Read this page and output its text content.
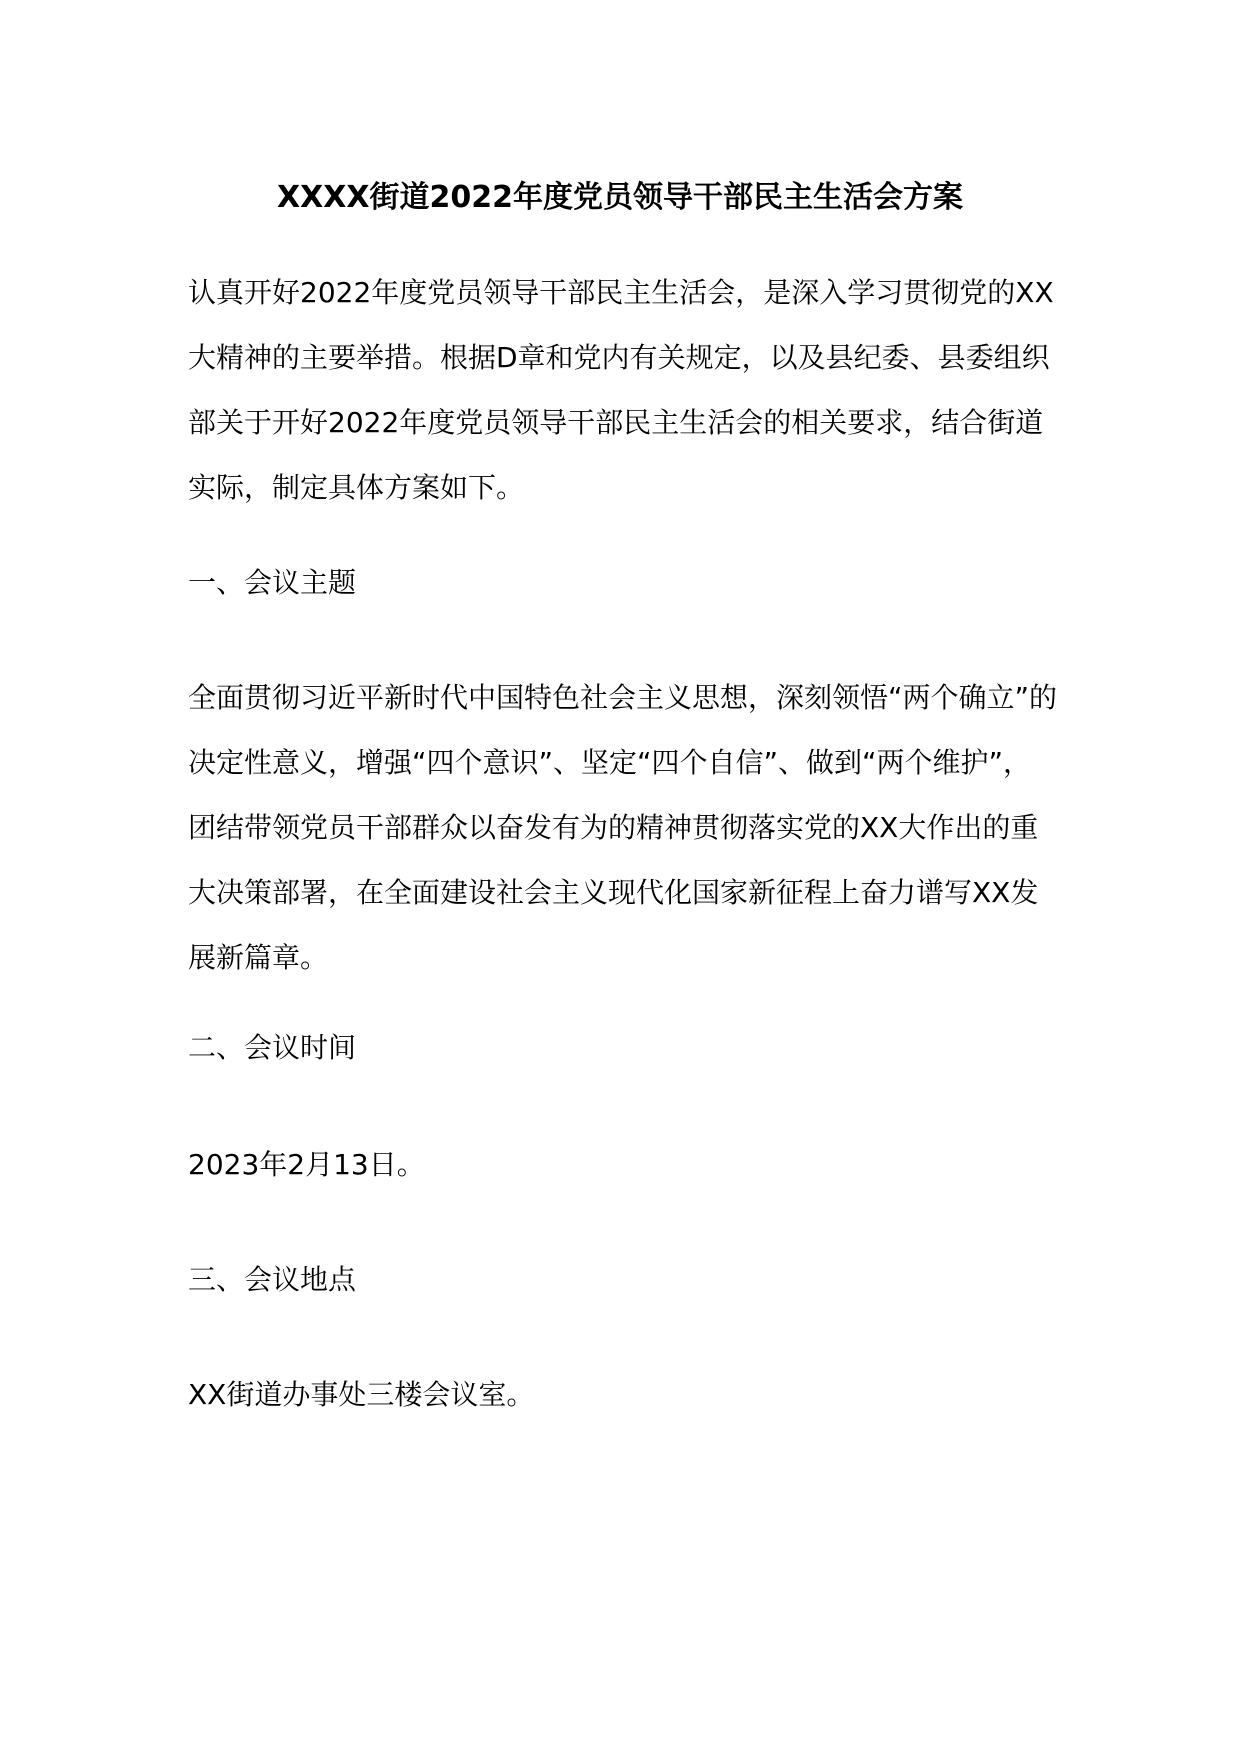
XXXX街道2022年度党员领导干部民主生活会方案

认真开好2022年度党员领导干部民主生活会，是深入学习贯彻党的XX大精神的主要举措。根据D章和党内有关规定，以及县纪委、县委组织部关于开好2022年度党员领导干部民主生活会的相关要求，结合街道实际，制定具体方案如下。

一、会议主题

全面贯彻习近平新时代中国特色社会主义思想，深刻领悟“两个确立”的决定性意义，增强“四个意识”、坚定“四个自信”、做到“两个维护”，团结带领党员干部群众以奋发有为的精神贯彻落实党的XX大作出的重大决策部署，在全面建设社会主义现代化国家新征程上奋力谱写XX发展新篇章。

二、会议时间

2023年2月13日。

三、会议地点

XX街道办事处三楼会议室。
